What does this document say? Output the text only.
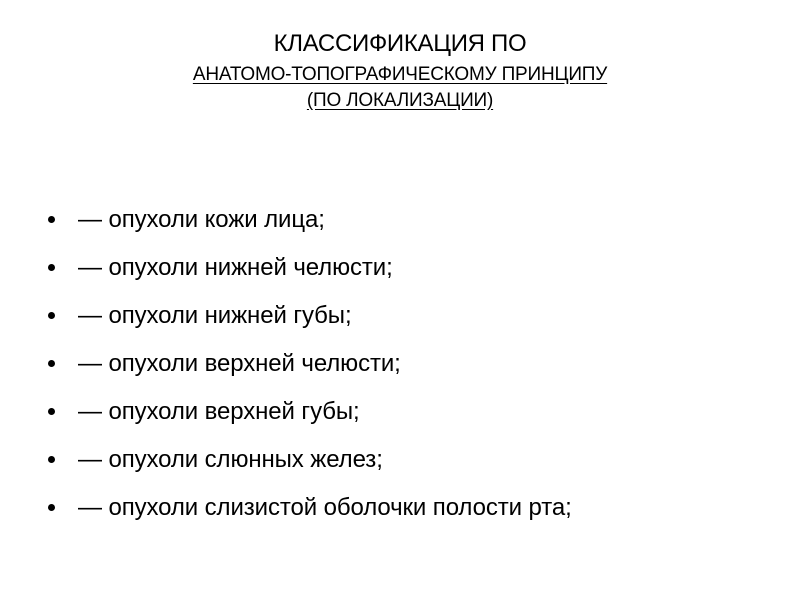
КЛАССИФИКАЦИЯ ПО
АНАТОМО-ТОПОГРАФИЧЕСКОМУ ПРИНЦИПУ
(ПО ЛОКАЛИЗАЦИИ)
— опухоли кожи лица;
— опухоли нижней челюсти;
— опухоли нижней губы;
— опухоли верхней челюсти;
— опухоли верхней губы;
— опухоли слюнных желез;
— опухоли слизистой оболочки полости рта;
